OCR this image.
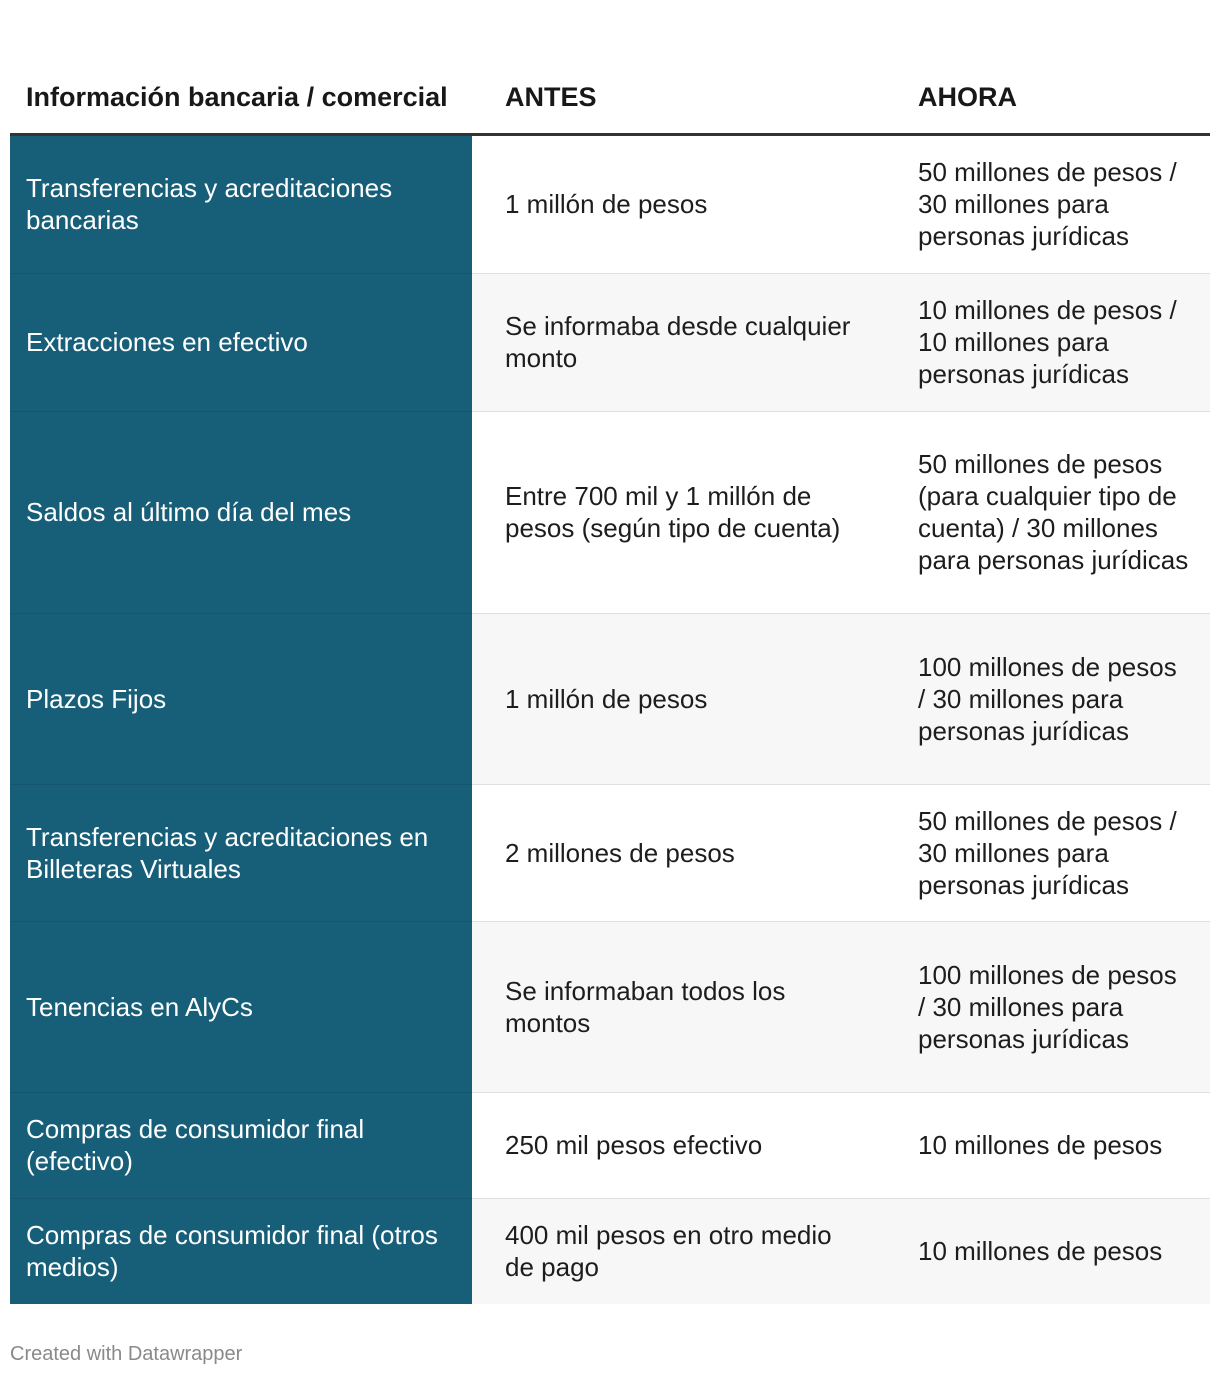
Información bancaria / comercial	ANTES	AHORA
Transferencias y acreditaciones bancarias	1 millón de pesos	50 millones de pesos / 30 millones para personas jurídicas
Extracciones en efectivo	Se informaba desde cualquier monto	10 millones de pesos / 10 millones para personas jurídicas
Saldos al último día del mes	Entre 700 mil y 1 millón de pesos (según tipo de cuenta)	50 millones de pesos (para cualquier tipo de cuenta) / 30 millones para personas jurídicas
Plazos Fijos	1 millón de pesos	100 millones de pesos / 30 millones para personas jurídicas
Transferencias y acreditaciones en Billeteras Virtuales	2 millones de pesos	50 millones de pesos / 30 millones para personas jurídicas
Tenencias en AlyCs	Se informaban todos los montos	100 millones de pesos / 30 millones para personas jurídicas
Compras de consumidor final (efectivo)	250 mil pesos efectivo	10 millones de pesos
Compras de consumidor final (otros medios)	400 mil pesos en otro medio de pago	10 millones de pesos
Created with Datawrapper
